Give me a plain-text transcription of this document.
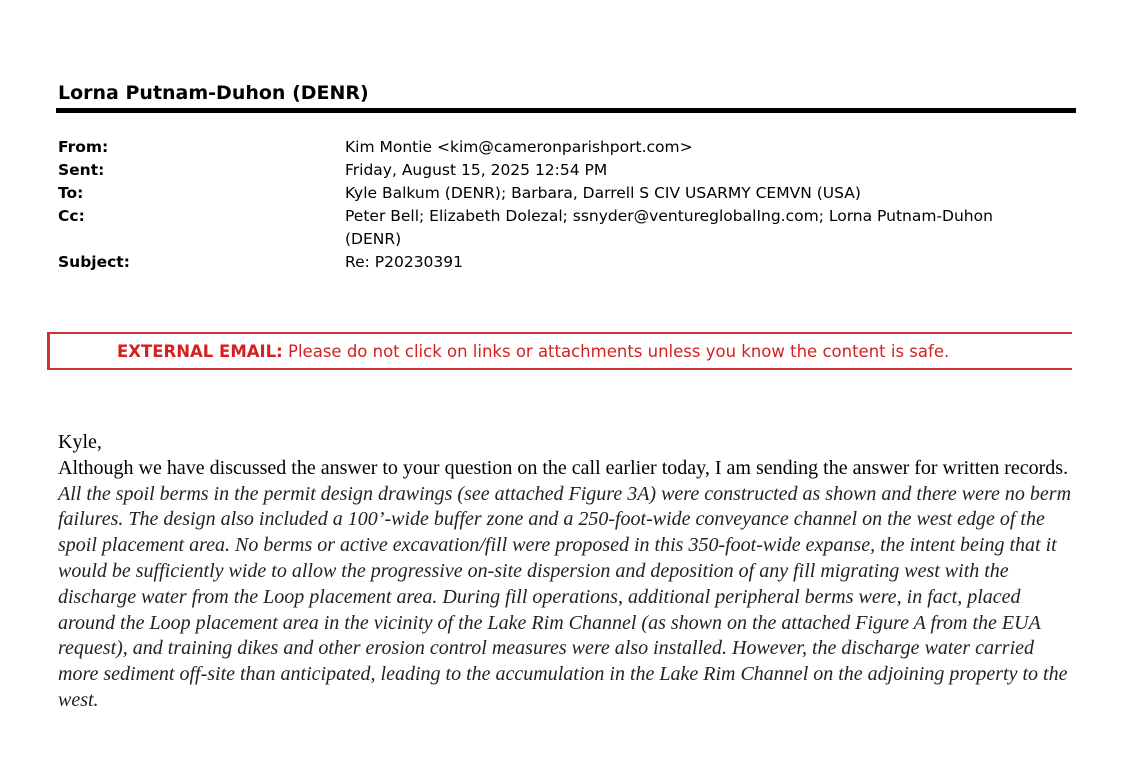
Lorna Putnam-Duhon (DENR)
From:	Kim Montie <kim@cameronparishport.com>
Sent:	Friday, August 15, 2025 12:54 PM
To:	Kyle Balkum (DENR); Barbara, Darrell S CIV USARMY CEMVN (USA)
Cc:	Peter Bell; Elizabeth Dolezal; ssnyder@ventureglobalIng.com; Lorna Putnam-Duhon (DENR)
Subject:	Re: P20230391
EXTERNAL EMAIL: Please do not click on links or attachments unless you know the content is safe.

Kyle,

Although we have discussed the answer to your question on the call earlier today, I am sending the answer for written records.

All the spoil berms in the permit design drawings (see attached Figure 3A) were constructed as shown and there were no berm failures. The design also included a 100’-wide buffer zone and a 250-foot-wide conveyance channel on the west edge of the spoil placement area. No berms or active excavation/fill were proposed in this 350-foot-wide expanse, the intent being that it would be sufficiently wide to allow the progressive on-site dispersion and deposition of any fill migrating west with the discharge water from the Loop placement area. During fill operations, additional peripheral berms were, in fact, placed around the Loop placement area in the vicinity of the Lake Rim Channel (as shown on the attached Figure A from the EUA request), and training dikes and other erosion control measures were also installed. However, the discharge water carried more sediment off-site than anticipated, leading to the accumulation in the Lake Rim Channel on the adjoining property to the west.
